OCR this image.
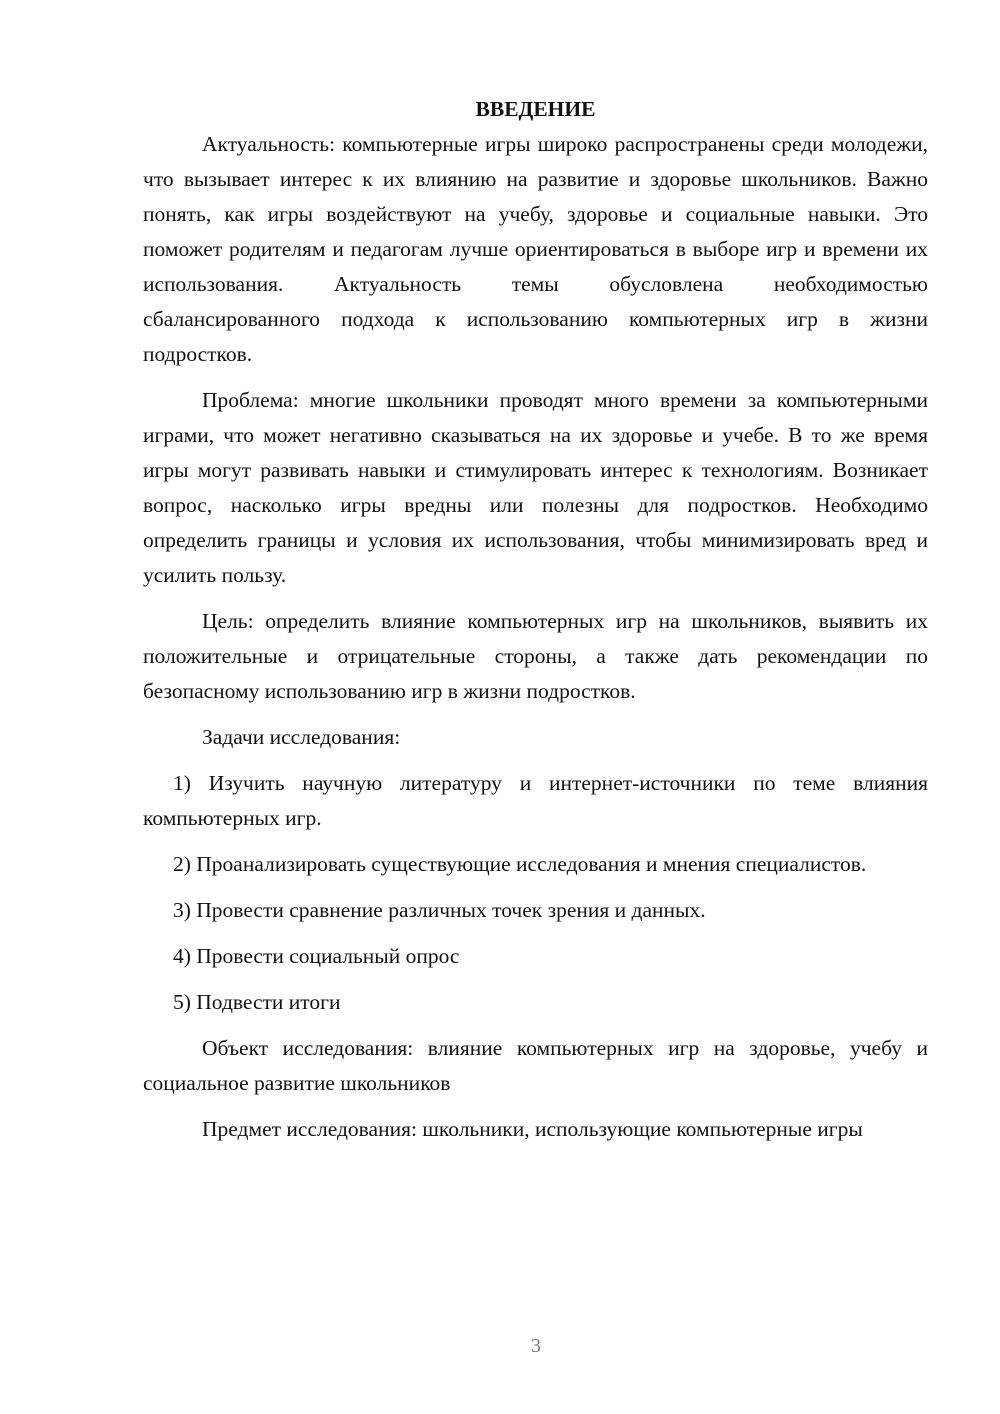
ВВЕДЕНИЕ

Актуальность: компьютерные игры широко распространены среди молодежи, что вызывает интерес к их влиянию на развитие и здоровье школьников. Важно понять, как игры воздействуют на учебу, здоровье и социальные навыки. Это поможет родителям и педагогам лучше ориентироваться в выборе игр и времени их использования. Актуальность темы обусловлена необходимостью сбалансированного подхода к использованию компьютерных игр в жизни подростков.

Проблема: многие школьники проводят много времени за компьютерными играми, что может негативно сказываться на их здоровье и учебе. В то же время игры могут развивать навыки и стимулировать интерес к технологиям. Возникает вопрос, насколько игры вредны или полезны для подростков. Необходимо определить границы и условия их использования, чтобы минимизировать вред и усилить пользу.

Цель: определить влияние компьютерных игр на школьников, выявить их положительные и отрицательные стороны, а также дать рекомендации по безопасному использованию игр в жизни подростков.

Задачи исследования:

1) Изучить научную литературу и интернет-источники по теме влияния компьютерных игр.

2) Проанализировать существующие исследования и мнения специалистов.

3) Провести сравнение различных точек зрения и данных.

4) Провести социальный опрос

5) Подвести итоги

Объект исследования: влияние компьютерных игр на здоровье, учебу и социальное развитие школьников

Предмет исследования: школьники, использующие компьютерные игры

3
